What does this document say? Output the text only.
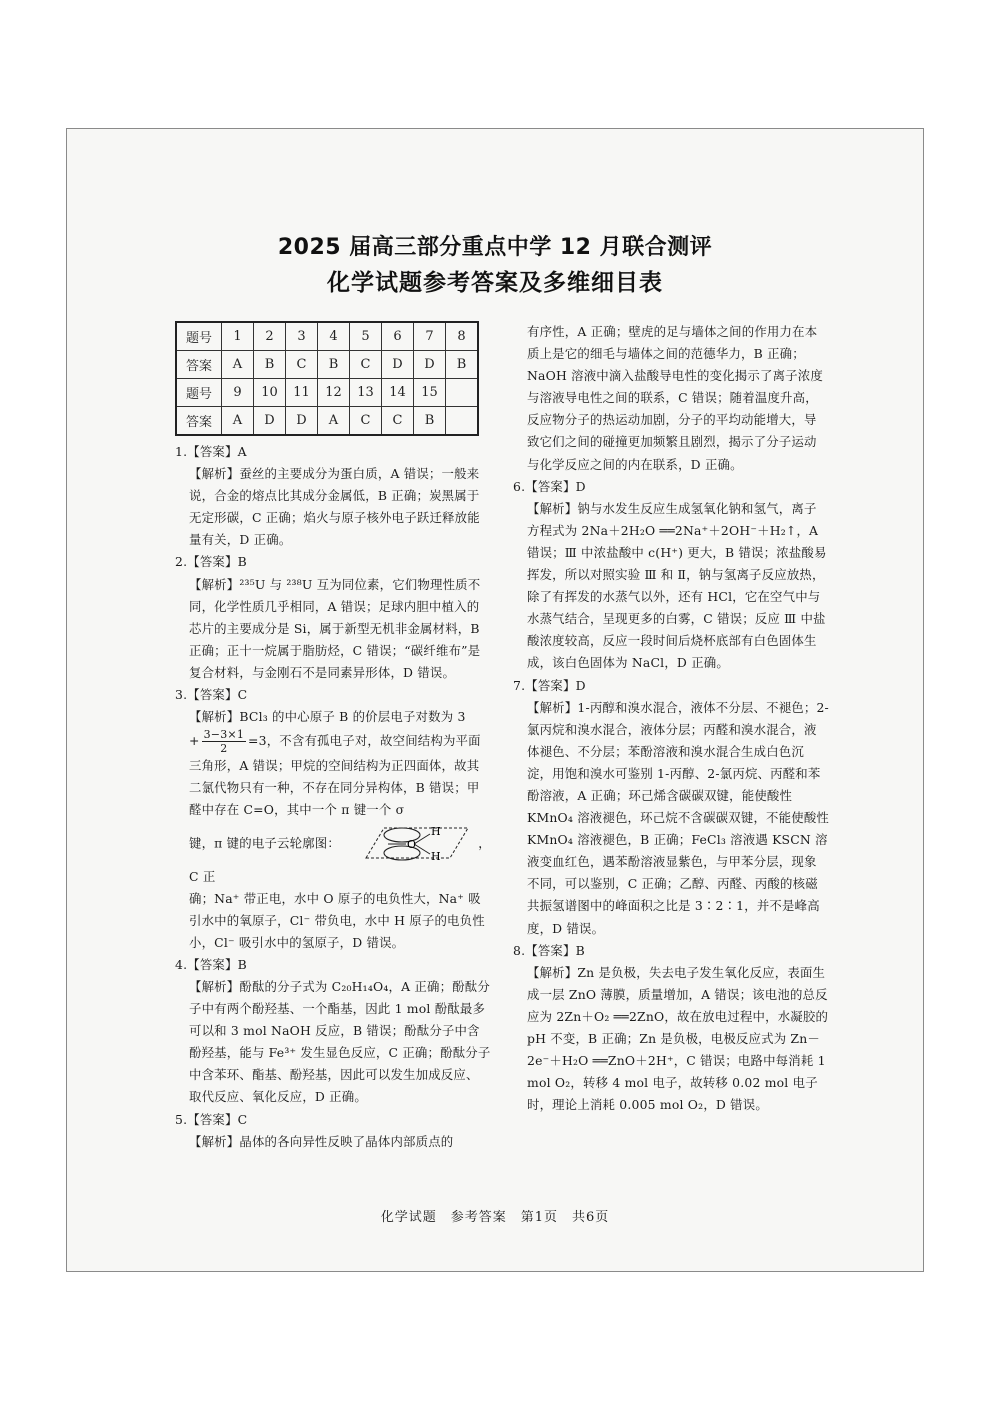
2025 届高三部分重点中学 12 月联合测评
化学试题参考答案及多维细目表
题号	1	2	3	4	5	6	7	8
答案	A	B	C	B	C	D	D	B
题号	9	10	11	12	13	14	15	
答案	A	D	D	A	C	C	B	

1.【答案】A

【解析】蚕丝的主要成分为蛋白质，A 错误；一般来说，合金的熔点比其成分金属低，B 正确；炭黑属于无定形碳，C 正确；焰火与原子核外电子跃迁释放能量有关，D 正确。

2.【答案】B

【解析】²³⁵U 与 ²³⁸U 互为同位素，它们物理性质不同，化学性质几乎相同，A 错误；足球内胆中植入的芯片的主要成分是 Si，属于新型无机非金属材料，B 正确；正十一烷属于脂肪烃，C 错误；“碳纤维布”是复合材料，与金刚石不是同素异形体，D 错误。

3.【答案】C

【解析】BCl₃ 的中心原子 B 的价层电子对数为 3
+ $\frac{3-3\times 1}{2} =3$，不含有孤电子对，故空间结构为平面三角形，A 错误；甲烷的空间结构为正四面体，故其二氯代物只有一种，不存在同分异构体，B 错误；甲醛中存在 C=O，其中一个 π 键一个 σ
键，π 键的电子云轮廓图：	O
H
H
，C 正
确；Na⁺ 带正电，水中 O 原子的电负性大，Na⁺ 吸引水中的氧原子，Cl⁻ 带负电，水中 H 原子的电负性小，Cl⁻ 吸引水中的氢原子，D 错误。

4.【答案】B

【解析】酚酞的分子式为 C₂₀H₁₄O₄，A 正确；酚酞分子中有两个酚羟基、一个酯基，因此 1 mol 酚酞最多可以和 3 mol NaOH 反应，B 错误；酚酞分子中含酚羟基，能与 Fe³⁺ 发生显色反应，C 正确；酚酞分子中含苯环、酯基、酚羟基，因此可以发生加成反应、取代反应、氧化反应，D 正确。

5.【答案】C

【解析】晶体的各向异性反映了晶体内部质点的

有序性，A 正确；壁虎的足与墙体之间的作用力在本质上是它的细毛与墙体之间的范德华力，B 正确；NaOH 溶液中滴入盐酸导电性的变化揭示了离子浓度与溶液导电性之间的联系，C 错误；随着温度升高，反应物分子的热运动加剧，分子的平均动能增大，导致它们之间的碰撞更加频繁且剧烈，揭示了分子运动与化学反应之间的内在联系，D 正确。

6.【答案】D

【解析】钠与水发生反应生成氢氧化钠和氢气，离子方程式为 2Na＋2H₂O ══2Na⁺＋2OH⁻＋H₂↑，A 错误；Ⅲ 中浓盐酸中 c(H⁺) 更大，B 错误；浓盐酸易挥发，所以对照实验 Ⅲ 和 Ⅱ，钠与氢离子反应放热，除了有挥发的水蒸气以外，还有 HCl，它在空气中与水蒸气结合，呈现更多的白雾，C 错误；反应 Ⅲ 中盐酸浓度较高，反应一段时间后烧杯底部有白色固体生成，该白色固体为 NaCl，D 正确。

7.【答案】D

【解析】1-丙醇和溴水混合，液体不分层、不褪色；2-氯丙烷和溴水混合，液体分层；丙醛和溴水混合，液体褪色、不分层；苯酚溶液和溴水混合生成白色沉淀，用饱和溴水可鉴别 1-丙醇、2-氯丙烷、丙醛和苯酚溶液，A 正确；环己烯含碳碳双键，能使酸性 KMnO₄ 溶液褪色，环己烷不含碳碳双键，不能使酸性 KMnO₄ 溶液褪色，B 正确；FeCl₃ 溶液遇 KSCN 溶液变血红色，遇苯酚溶液显紫色，与甲苯分层，现象不同，可以鉴别，C 正确；乙醇、丙醛、丙酸的核磁共振氢谱图中的峰面积之比是 3∶2∶1，并不是峰高度，D 错误。

8.【答案】B

【解析】Zn 是负极，失去电子发生氧化反应，表面生成一层 ZnO 薄膜，质量增加，A 错误；该电池的总反应为 2Zn＋O₂ ══2ZnO，故在放电过程中，水凝胶的 pH 不变，B 正确；Zn 是负极，电极反应式为 Zn－2e⁻＋H₂O ══ZnO＋2H⁺，C 错误；电路中每消耗 1 mol O₂，转移 4 mol 电子，故转移 0.02 mol 电子时，理论上消耗 0.005 mol O₂，D 错误。

化学试题　参考答案　第1页　共6页
